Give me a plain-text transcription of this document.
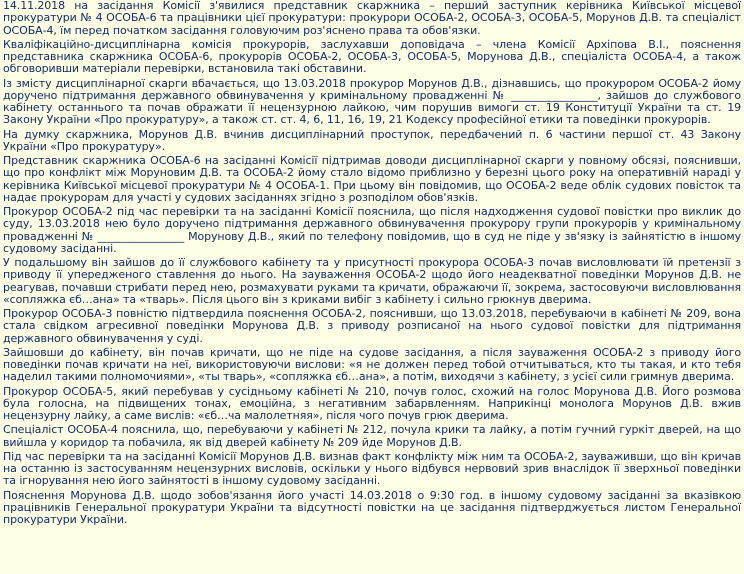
14.11.2018 на засідання Комісії з'явилися представник скаржника – перший заступник керівника Київської місцевої прокуратури № 4 ОСОБА-6 та працівники цієї прокуратури: прокурори ОСОБА-2, ОСОБА-3, ОСОБА-5, Морунов Д.В. та спеціаліст ОСОБА-4, їм перед початком засідання головуючим роз'яснено права та обов'язки.

Кваліфікаційно-дисциплінарна комісія прокурорів, заслухавши доповідача – члена Комісії Архіпова В.І., пояснення представника скаржника ОСОБА-6, прокурорів ОСОБА-2, ОСОБА-3, ОСОБА-5, Морунова Д.В., спеціаліста ОСОБА-4, а також обговоривши матеріали перевірки, встановила такі обставини.

Із змісту дисциплінарної скарги вбачається, що 13.03.2018 прокурор Морунов Д.В., дізнавшись, що прокурором ОСОБА-2 йому доручено підтримання державного обвинувачення у кримінальному провадженні № ________________, зайшов до службового кабінету останнього та почав ображати її нецензурною лайкою, чим порушив вимоги ст. 19 Конституції України та ст. 19 Закону України «Про прокуратуру», а також ст. ст. 4, 6, 11, 16, 19, 21 Кодексу професійної етики та поведінки прокурорів.

На думку скаржника, Морунов Д.В. вчинив дисциплінарний проступок, передбачений п. 6 частини першої ст. 43 Закону України «Про прокуратуру».

Представник скаржника ОСОБА-6 на засіданні Комісії підтримав доводи дисциплінарної скарги у повному обсязі, пояснивши, що про конфлікт між Моруновим Д.В. та ОСОБА-2 йому стало відомо приблизно у березні цього року на оперативній нараді у керівника Київської місцевої прокуратури № 4 ОСОБА-1. При цьому він повідомив, що ОСОБА-2 веде облік судових повісток та надає прокурорам для участі у судових засіданнях згідно з розподілом обов'язків.

Прокурор ОСОБА-2 під час перевірки та на засіданні Комісії пояснила, що після надходження судової повістки про виклик до суду, 13.03.2018 нею було доручено підтримання державного обвинувачення прокурору групи прокурорів у кримінальному провадженні № ________________ Морунову Д.В., який по телефону повідомив, що в суд не піде у зв'язку із зайнятістю в іншому судовому засіданні.

У подальшому він зайшов до її службового кабінету та у присутності прокурора ОСОБА-3 почав висловлювати їй претензії з приводу її упередженого ставлення до нього. На зауваження ОСОБА-2 щодо його неадекватної поведінки Морунов Д.В. не реагував, почавши стрибати перед нею, розмахувати руками та кричати, ображаючи її, зокрема, застосовуючи висловлювання «сопляжка єб…ана» та «тварь». Після цього він з криками вибіг з кабінету і сильно грюкнув дверима.

Прокурор ОСОБА-3 повністю підтвердила пояснення ОСОБА-2, пояснивши, що 13.03.2018, перебуваючи в кабінеті № 209, вона стала свідком агресивної поведінки Морунова Д.В. з приводу розписаної на нього судової повістки для підтримання державного обвинувачення у суді.

Зайшовши до кабінету, він почав кричати, що не піде на судове засідання, а після зауваження ОСОБА-2 з приводу його поведінки почав кричати на неї, використовуючи вислови: «я не должен перед тобой отчитываться, кто ты такая, и кто тебя наделил такими полномочиями», «ты тварь», «сопляжка єб…ана», а потім, виходячи з кабінету, з усієї сили гримнув дверима.

Прокурор ОСОБА-5, який перебував у сусідньому кабінеті № 210, почув голос, схожий на голос Морунова Д.В. Його розмова була голосна, на підвищених тонах, емоційна, з негативним забарвленням. Наприкінці монолога Морунов Д.В. вжив нецензурну лайку, а саме вислів: «єб…ча малолетняя», після чого почув грюк дверима.

Спеціаліст ОСОБА-4 пояснила, що, перебуваючи у кабінеті № 212, почула крики та лайку, а потім гучний гуркіт дверей, на що вийшла у коридор та побачила, як від дверей кабінету № 209 йде Морунов Д.В.

Під час перевірки та на засіданні Комісії Морунов Д.В. визнав факт конфлікту між ним та ОСОБА-2, зауваживши, що він кричав на останню із застосуванням нецензурних висловів, оскільки у нього відбувся нервовий зрив внаслідок її зверхньої поведінки та ігнорування нею його зайнятості в іншому судовому засіданні.

Пояснення Морунова Д.В. щодо зобов'язання його участі 14.03.2018 о 9:30 год. в іншому судовому засіданні за вказівкою працівників Генеральної прокуратури України та відсутності повістки на це засідання підтверджується листом Генеральної прокуратури України.
